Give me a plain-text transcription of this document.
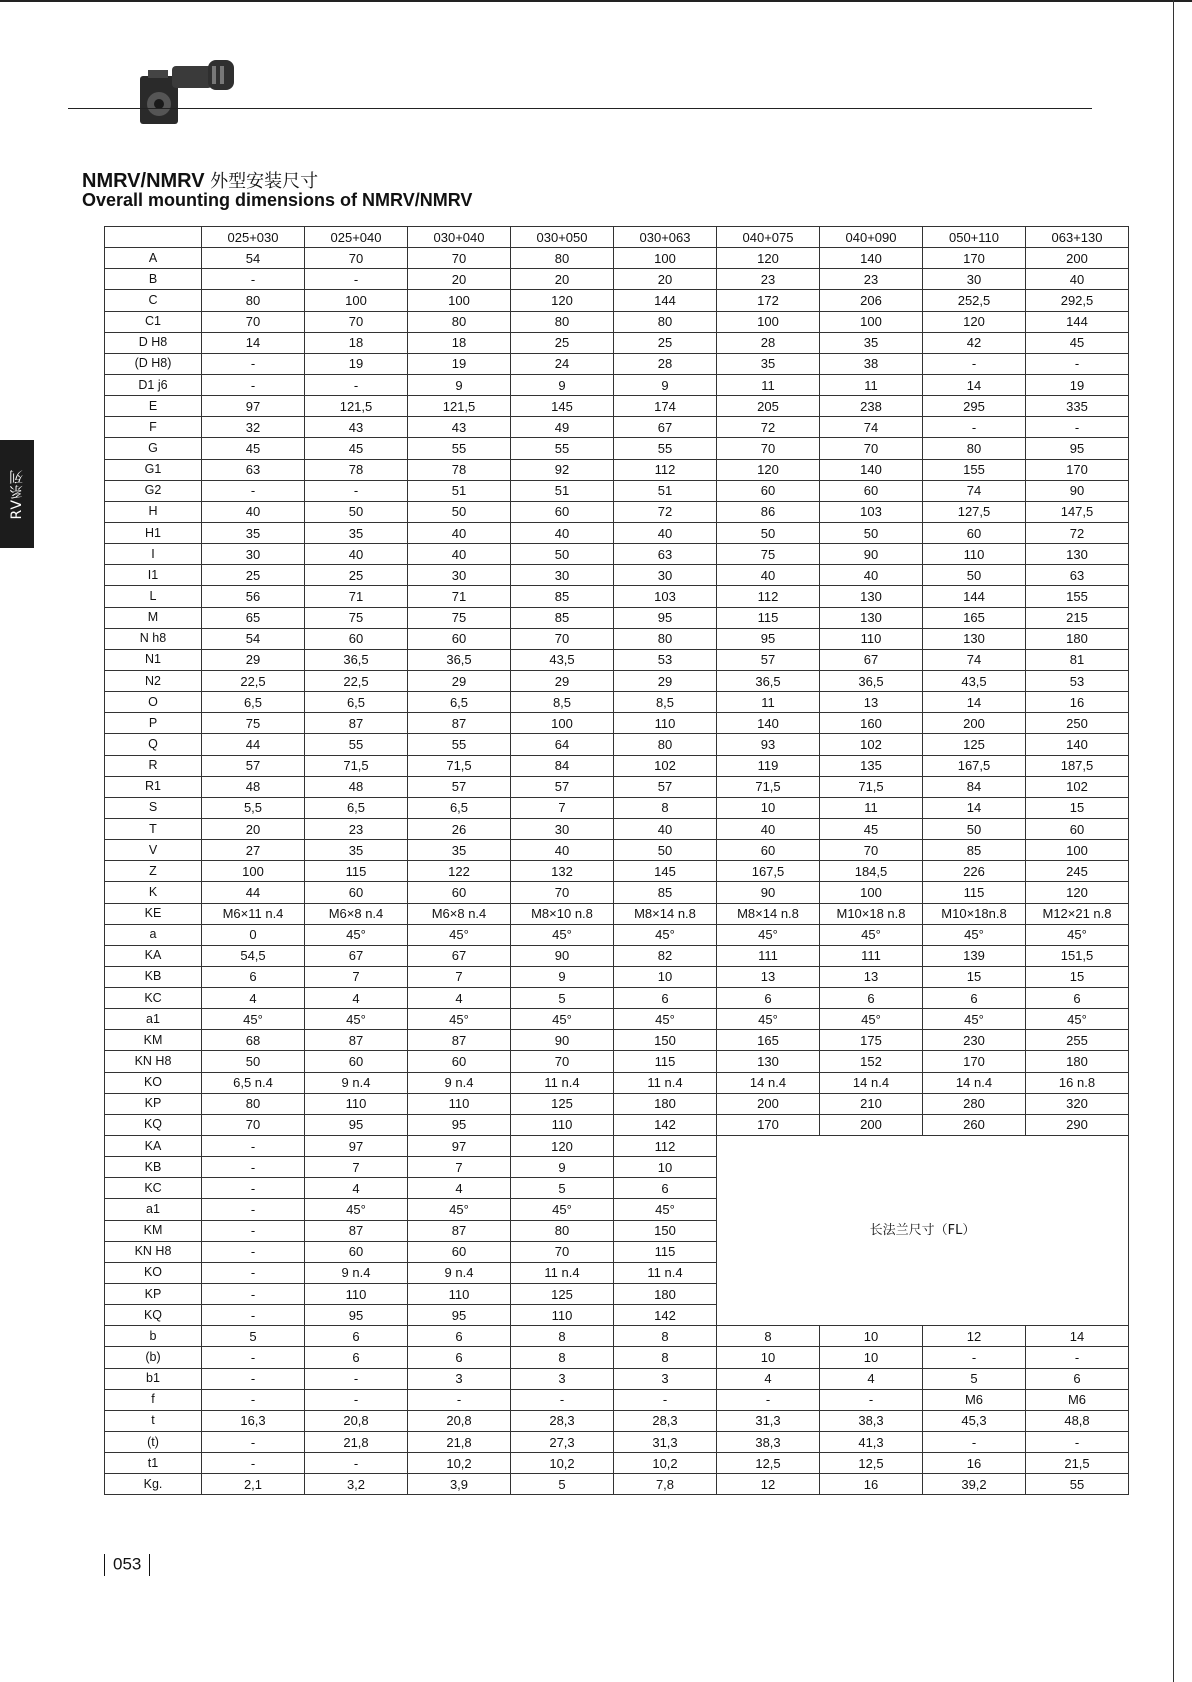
RV系列
NMRV/NMRV 外型安装尺寸
Overall mounting dimensions of NMRV/NMRV
	025+030	025+040	030+040	030+050	030+063	040+075	040+090	050+110	063+130
A	54	70	70	80	100	120	140	170	200
B	-	-	20	20	20	23	23	30	40
C	80	100	100	120	144	172	206	252,5	292,5
C1	70	70	80	80	80	100	100	120	144
D H8	14	18	18	25	25	28	35	42	45
(D H8)	-	19	19	24	28	35	38	-	-
D1 j6	-	-	9	9	9	11	11	14	19
E	97	121,5	121,5	145	174	205	238	295	335
F	32	43	43	49	67	72	74	-	-
G	45	45	55	55	55	70	70	80	95
G1	63	78	78	92	112	120	140	155	170
G2	-	-	51	51	51	60	60	74	90
H	40	50	50	60	72	86	103	127,5	147,5
H1	35	35	40	40	40	50	50	60	72
I	30	40	40	50	63	75	90	110	130
I1	25	25	30	30	30	40	40	50	63
L	56	71	71	85	103	112	130	144	155
M	65	75	75	85	95	115	130	165	215
N h8	54	60	60	70	80	95	110	130	180
N1	29	36,5	36,5	43,5	53	57	67	74	81
N2	22,5	22,5	29	29	29	36,5	36,5	43,5	53
O	6,5	6,5	6,5	8,5	8,5	11	13	14	16
P	75	87	87	100	110	140	160	200	250
Q	44	55	55	64	80	93	102	125	140
R	57	71,5	71,5	84	102	119	135	167,5	187,5
R1	48	48	57	57	57	71,5	71,5	84	102
S	5,5	6,5	6,5	7	8	10	11	14	15
T	20	23	26	30	40	40	45	50	60
V	27	35	35	40	50	60	70	85	100
Z	100	115	122	132	145	167,5	184,5	226	245
K	44	60	60	70	85	90	100	115	120
KE	M6×11 n.4	M6×8 n.4	M6×8 n.4	M8×10 n.8	M8×14 n.8	M8×14 n.8	M10×18 n.8	M10×18n.8	M12×21 n.8
a	0	45°	45°	45°	45°	45°	45°	45°	45°
KA	54,5	67	67	90	82	111	111	139	151,5
KB	6	7	7	9	10	13	13	15	15
KC	4	4	4	5	6	6	6	6	6
a1	45°	45°	45°	45°	45°	45°	45°	45°	45°
KM	68	87	87	90	150	165	175	230	255
KN H8	50	60	60	70	115	130	152	170	180
KO	6,5 n.4	9 n.4	9 n.4	11 n.4	11 n.4	14 n.4	14 n.4	14 n.4	16 n.8
KP	80	110	110	125	180	200	210	280	320
KQ	70	95	95	110	142	170	200	260	290
KA	-	97	97	120	112	长法兰尺寸（FL）			
KB	-	7	7	9	10				
KC	-	4	4	5	6				
a1	-	45°	45°	45°	45°				
KM	-	87	87	80	150				
KN H8	-	60	60	70	115				
KO	-	9 n.4	9 n.4	11 n.4	11 n.4				
KP	-	110	110	125	180				
KQ	-	95	95	110	142				
b	5	6	6	8	8	8	10	12	14
(b)	-	6	6	8	8	10	10	-	-
b1	-	-	3	3	3	4	4	5	6
f	-	-	-	-	-	-	-	M6	M6
t	16,3	20,8	20,8	28,3	28,3	31,3	38,3	45,3	48,8
(t)	-	21,8	21,8	27,3	31,3	38,3	41,3	-	-
t1	-	-	10,2	10,2	10,2	12,5	12,5	16	21,5
Kg.	2,1	3,2	3,9	5	7,8	12	16	39,2	55
053
